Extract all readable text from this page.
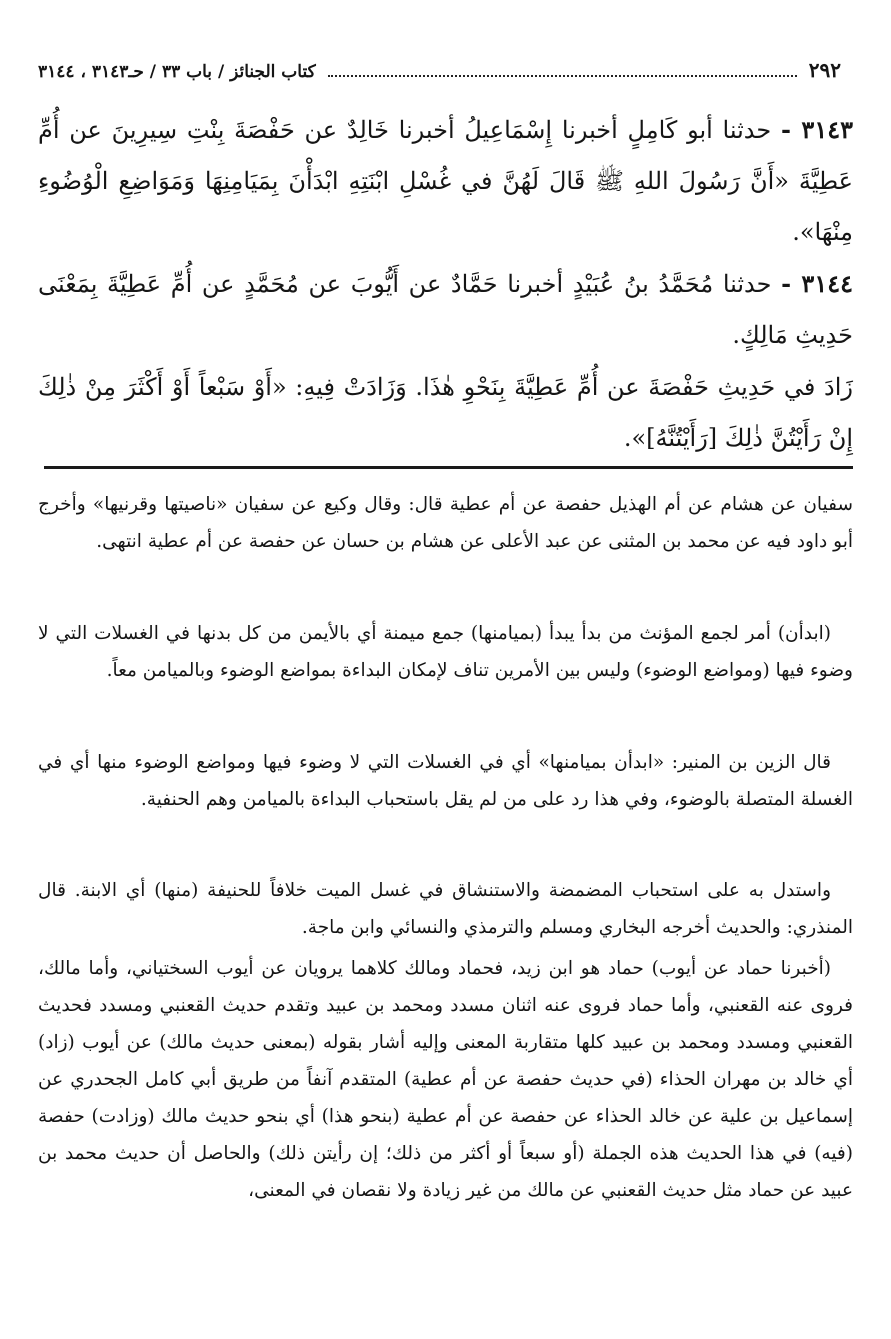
٢٩٢
كتاب الجنائز / باب ٣٣ / حـ٣١٤٣ ، ٣١٤٤
٣١٤٣ - حدثنا أبو كَامِلٍ أخبرنا إِسْمَاعِيلُ أخبرنا خَالِدٌ عن حَفْصَةَ بِنْتِ سِيرِينَ عن أُمِّ عَطِيَّةَ «أَنَّ رَسُولَ اللهِ ﷺ قَالَ لَهُنَّ في غُسْلِ ابْنَتِهِ ابْدَأْنَ بِمَيَامِنِهَا وَمَوَاضِعِ الْوُضُوءِ مِنْهَا».
٣١٤٤ - حدثنا مُحَمَّدُ بنُ عُبَيْدٍ أخبرنا حَمَّادٌ عن أَيُّوبَ عن مُحَمَّدٍ عن أُمِّ عَطِيَّةَ بِمَعْنَى حَدِيثِ مَالِكٍ.
زَادَ في حَدِيثِ حَفْصَةَ عن أُمِّ عَطِيَّةَ بِنَحْوِ هٰذَا. وَزَادَتْ فِيهِ: «أَوْ سَبْعاً أَوْ أَكْثَرَ مِنْ ذٰلِكَ إِنْ رَأَيْتُنَّ ذٰلِكَ [رَأَيْتُنَّهُ]».

سفيان عن هشام عن أم الهذيل حفصة عن أم عطية قال: وقال وكيع عن سفيان «ناصيتها وقرنيها» وأخرج أبو داود فيه عن محمد بن المثنى عن عبد الأعلى عن هشام بن حسان عن حفصة عن أم عطية انتهى.

(ابدأن) أمر لجمع المؤنث من بدأ يبدأ (بميامنها) جمع ميمنة أي بالأيمن من كل بدنها في الغسلات التي لا وضوء فيها (ومواضع الوضوء) وليس بين الأمرين تناف لإمكان البداءة بمواضع الوضوء وبالميامن معاً.

قال الزين بن المنير: «ابدأن بميامنها» أي في الغسلات التي لا وضوء فيها ومواضع الوضوء منها أي في الغسلة المتصلة بالوضوء، وفي هذا رد على من لم يقل باستحباب البداءة بالميامن وهم الحنفية.

واستدل به على استحباب المضمضة والاستنشاق في غسل الميت خلافاً للحنيفة (منها) أي الابنة. قال المنذري: والحديث أخرجه البخاري ومسلم والترمذي والنسائي وابن ماجة.

(أخبرنا حماد عن أيوب) حماد هو ابن زيد، فحماد ومالك كلاهما يرويان عن أيوب السختياني، وأما مالك، فروى عنه القعنبي، وأما حماد فروى عنه اثنان مسدد ومحمد بن عبيد وتقدم حديث القعنبي ومسدد فحديث القعنبي ومسدد ومحمد بن عبيد كلها متقاربة المعنى وإليه أشار بقوله (بمعنى حديث مالك) عن أيوب (زاد) أي خالد بن مهران الحذاء (في حديث حفصة عن أم عطية) المتقدم آنفاً من طريق أبي كامل الجحدري عن إسماعيل بن علية عن خالد الحذاء عن حفصة عن أم عطية (بنحو هذا) أي بنحو حديث مالك (وزادت) حفصة (فيه) في هذا الحديث هذه الجملة (أو سبعاً أو أكثر من ذلك؛ إن رأيتن ذلك) والحاصل أن حديث محمد بن عبيد عن حماد مثل حديث القعنبي عن مالك من غير زيادة ولا نقصان في المعنى،
